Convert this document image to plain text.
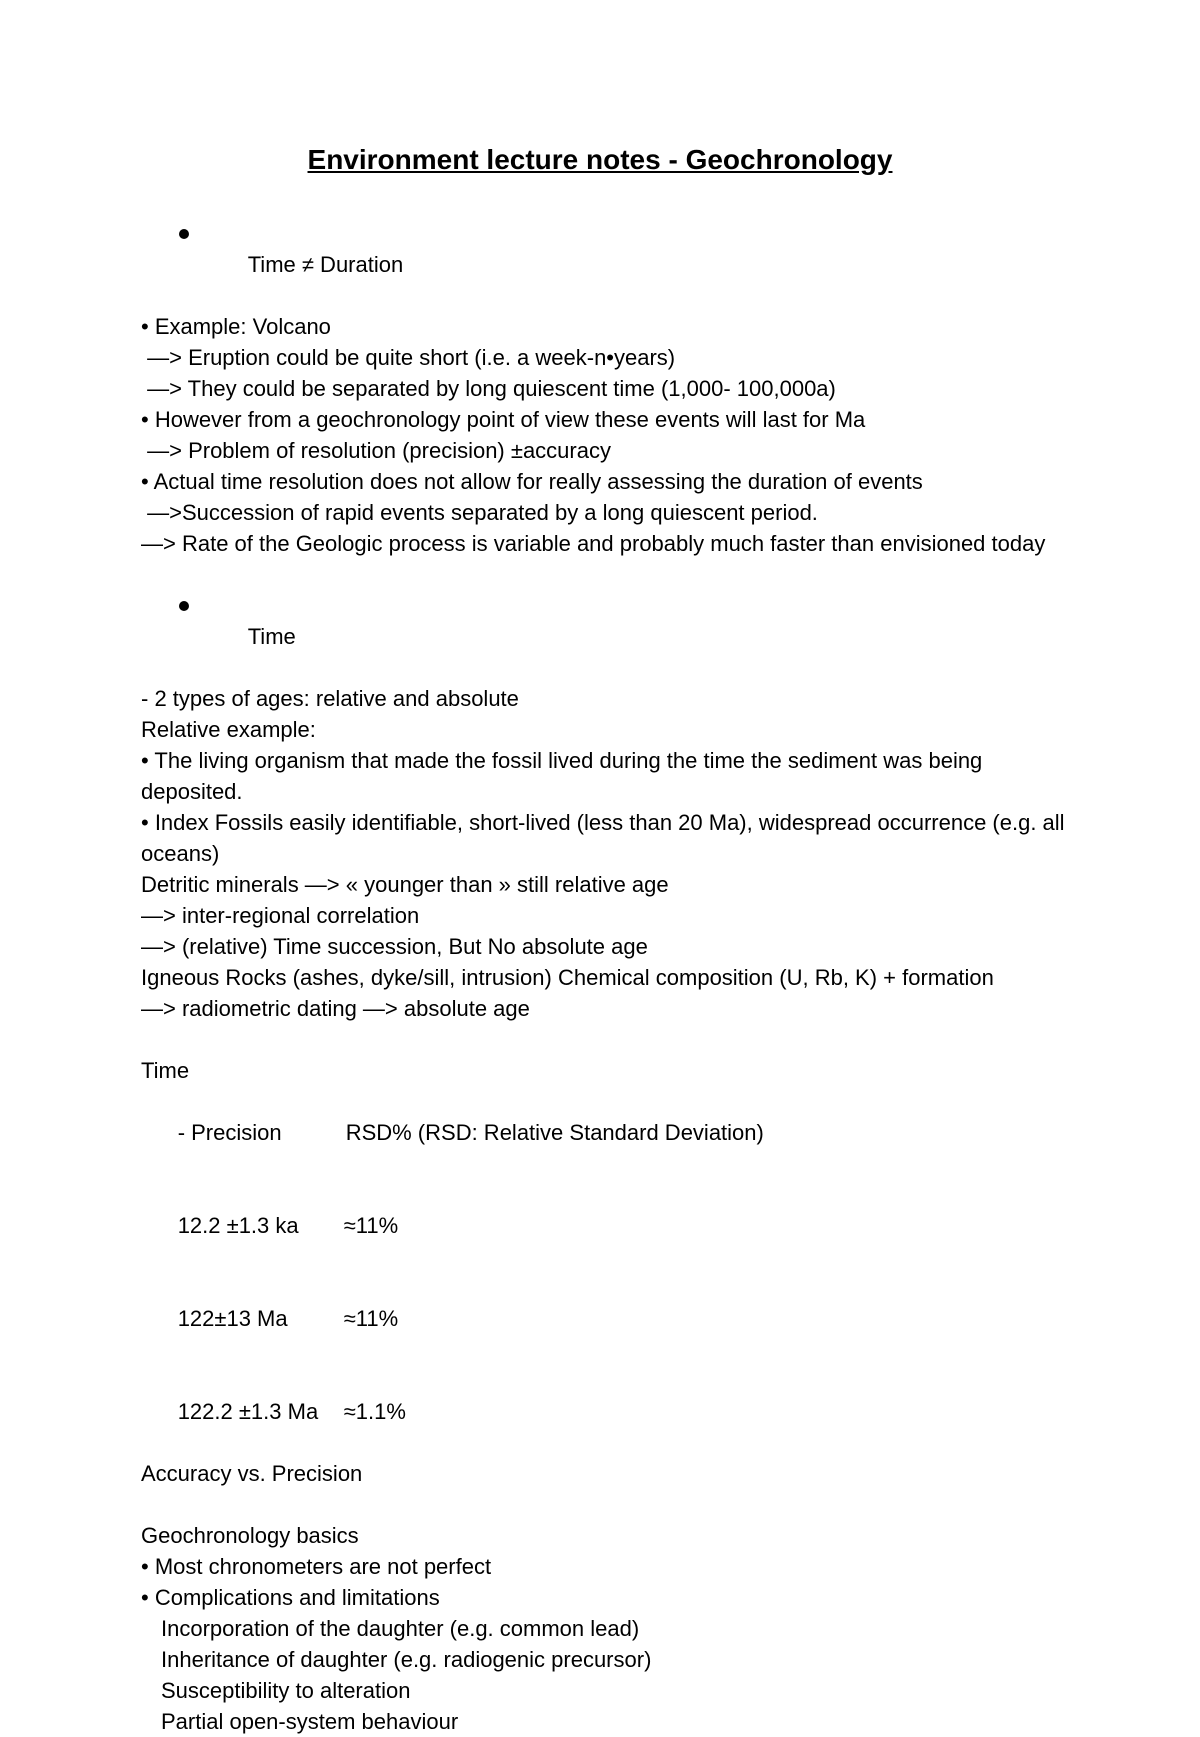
Environment lecture notes - Geochronology

Time ≠ Duration

• Example: Volcano
—> Eruption could be quite short (i.e. a week-n•years)
—> They could be separated by long quiescent time (1,000- 100,000a)
• However from a geochronology point of view these events will last for Ma
—> Problem of resolution (precision) ±accuracy
• Actual time resolution does not allow for really assessing the duration of events
—>Succession of rapid events separated by a long quiescent period.
—> Rate of the Geologic process is variable and probably much faster than envisioned today

Time

- 2 types of ages: relative and absolute
Relative example:
• The living organism that made the fossil lived during the time the sediment was being deposited.
• Index Fossils easily identifiable, short-lived (less than 20 Ma), widespread occurrence (e.g. all oceans)
Detritic minerals —> « younger than » still relative age
—> inter-regional correlation
—> (relative) Time succession, But No absolute age
Igneous Rocks (ashes, dyke/sill, intrusion) Chemical composition (U, Rb, K) + formation
—> radiometric dating —> absolute age
Time

- Precision	RSD% (RSD: Relative Standard Deviation)

12.2 ±1.3 ka ≈11%

122±13 Ma	≈11%

122.2 ±1.3 Ma ≈1.1%

Accuracy vs. Precision
Geochronology basics
• Most chronometers are not perfect
• Complications and limitations
Incorporation of the daughter (e.g. common lead)
Inheritance of daughter (e.g. radiogenic precursor)
Susceptibility to alteration
Partial open-system behaviour
